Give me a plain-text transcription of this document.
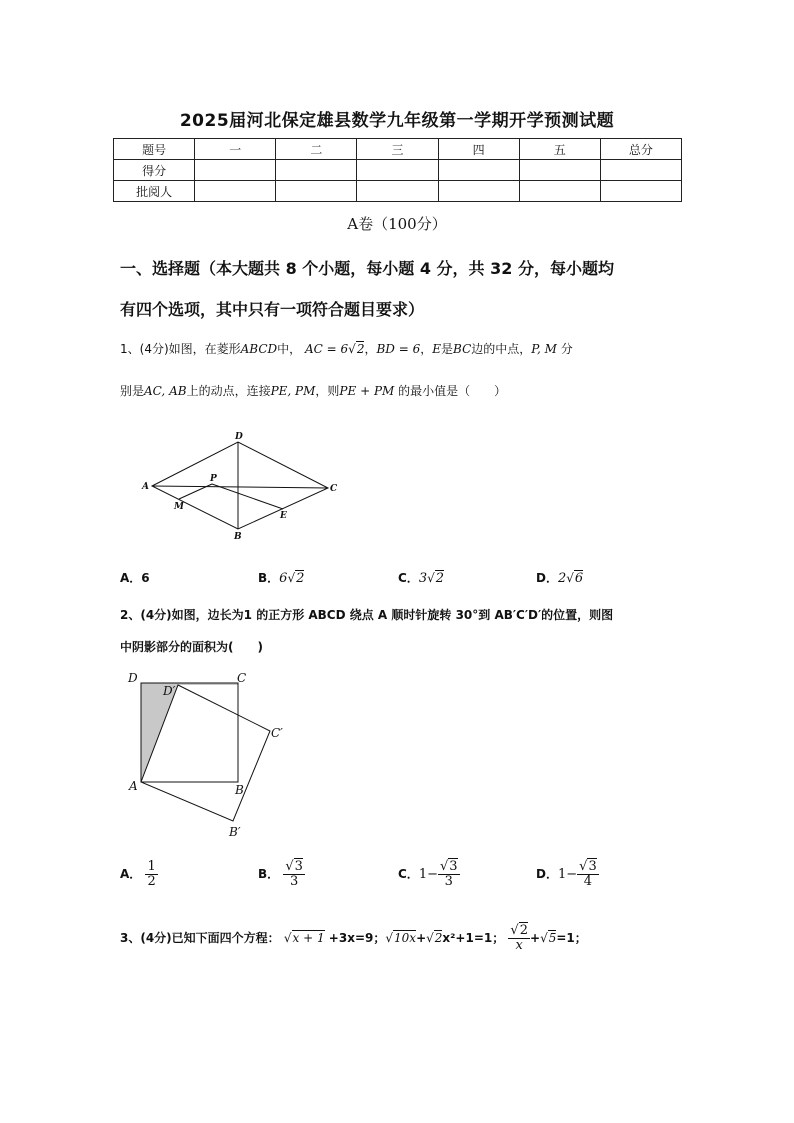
2025届河北保定雄县数学九年级第一学期开学预测试题
题号	一	二	三	四	五	总分
得分						
批阅人						
A卷（100分）
一、选择题（本大题共 8 个小题，每小题 4 分，共 32 分，每小题均
有四个选项，其中只有一项符合题目要求）
1、(4分)如图，在菱形ABCD中， AC = 6√2，BD = 6，E是BC边的中点，P, M 分
别是AC, AB上的动点，连接PE, PM，则PE + PM 的最小值是（　　）
D
A
P
C
M
E
B
A．6	B．6√2	C．3√2	D．2√6
2、(4分)如图，边长为1 的正方形 ABCD 绕点 A 顺时针旋转 30°到 AB′C′D′的位置，则图
中阴影部分的面积为(　　)
D
D′
C
C′
A	B
B′
A． $\frac{1}{2}$	B． $\frac{√3}{3}$	C．$1- \frac{√3}{3}$	D．$1- \frac{√3}{4}$
3、(4分)已知下面四个方程： √x + 1 +3x=9；√10x+√2x²+1=1； $\frac{√2}{x} +√5=1$；
